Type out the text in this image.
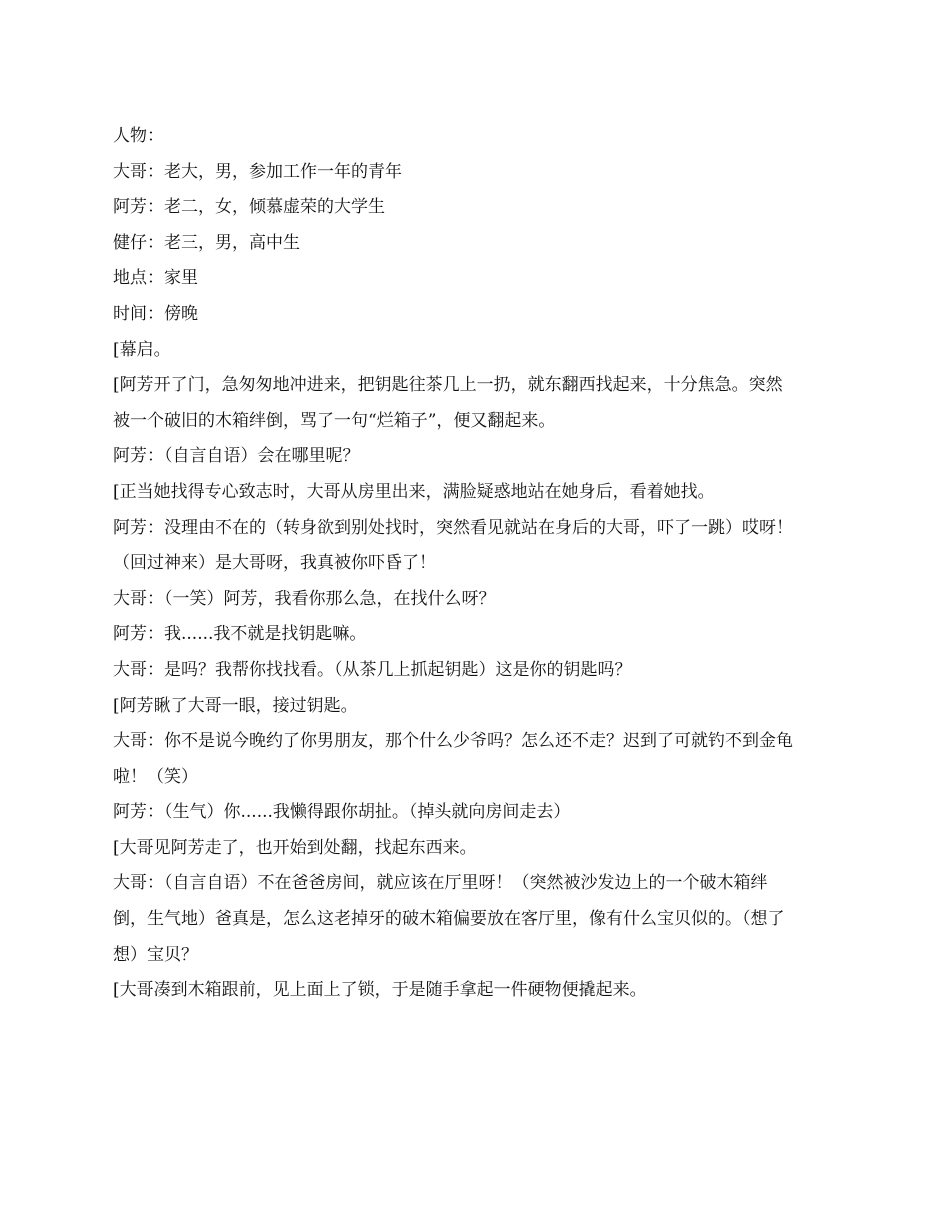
人物：

大哥：老大，男，参加工作一年的青年

阿芳：老二，女，倾慕虚荣的大学生

健仔：老三，男，高中生

地点：家里

时间：傍晚

[幕启。

[阿芳开了门，急匆匆地冲进来，把钥匙往茶几上一扔，就东翻西找起来，十分焦急。突然

被一个破旧的木箱绊倒，骂了一句“烂箱子”，便又翻起来。

阿芳：（自言自语）会在哪里呢？

[正当她找得专心致志时，大哥从房里出来，满脸疑惑地站在她身后，看着她找。

阿芳：没理由不在的（转身欲到别处找时，突然看见就站在身后的大哥，吓了一跳）哎呀！

（回过神来）是大哥呀，我真被你吓昏了！

大哥：（一笑）阿芳，我看你那么急，在找什么呀？

阿芳：我......我不就是找钥匙嘛。

大哥：是吗？我帮你找找看。（从茶几上抓起钥匙）这是你的钥匙吗？

[阿芳瞅了大哥一眼，接过钥匙。

大哥：你不是说今晚约了你男朋友，那个什么少爷吗？怎么还不走？迟到了可就钓不到金龟

啦！（笑）

阿芳：（生气）你......我懒得跟你胡扯。（掉头就向房间走去）

[大哥见阿芳走了，也开始到处翻，找起东西来。

大哥：（自言自语）不在爸爸房间，就应该在厅里呀！（突然被沙发边上的一个破木箱绊

倒，生气地）爸真是，怎么这老掉牙的破木箱偏要放在客厅里，像有什么宝贝似的。（想了

想）宝贝？

[大哥凑到木箱跟前，见上面上了锁，于是随手拿起一件硬物便撬起来。
